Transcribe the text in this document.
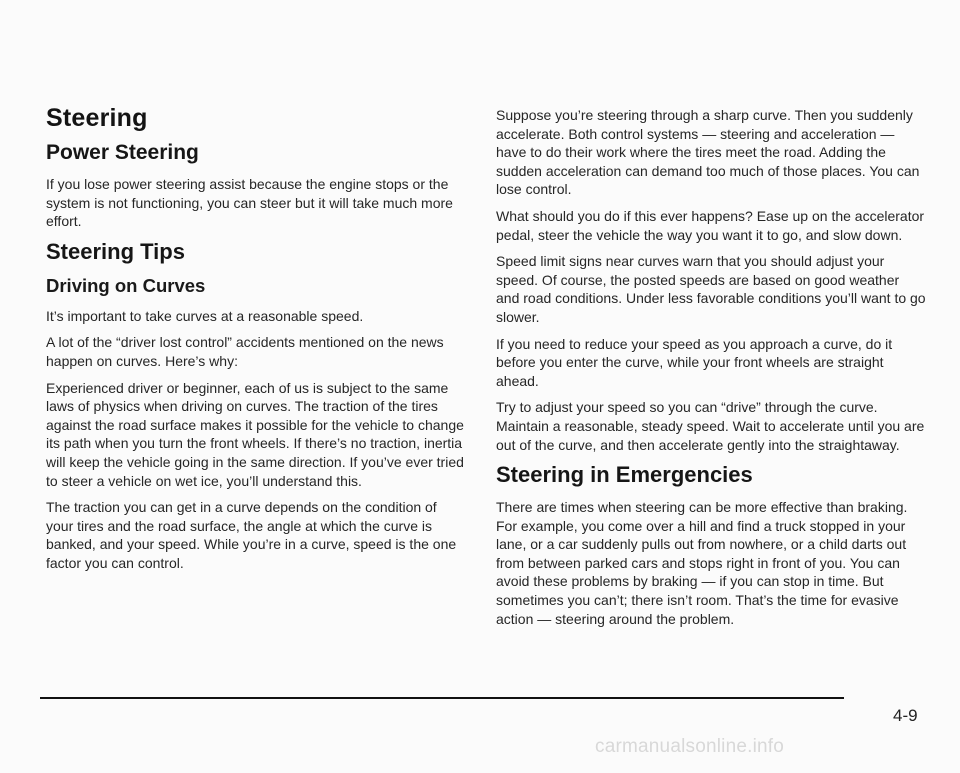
Steering
Power Steering

If you lose power steering assist because the engine stops or the system is not functioning, you can steer but it will take much more effort.

Steering Tips
Driving on Curves

It’s important to take curves at a reasonable speed.

A lot of the “driver lost control” accidents mentioned on the news happen on curves. Here’s why:

Experienced driver or beginner, each of us is subject to the same laws of physics when driving on curves. The traction of the tires against the road surface makes it possible for the vehicle to change its path when you turn the front wheels. If there’s no traction, inertia will keep the vehicle going in the same direction. If you’ve ever tried to steer a vehicle on wet ice, you’ll understand this.

The traction you can get in a curve depends on the condition of your tires and the road surface, the angle at which the curve is banked, and your speed. While you’re in a curve, speed is the one factor you can control.

Suppose you’re steering through a sharp curve. Then you suddenly accelerate. Both control systems — steering and acceleration — have to do their work where the tires meet the road. Adding the sudden acceleration can demand too much of those places. You can lose control.

What should you do if this ever happens? Ease up on the accelerator pedal, steer the vehicle the way you want it to go, and slow down.

Speed limit signs near curves warn that you should adjust your speed. Of course, the posted speeds are based on good weather and road conditions. Under less favorable conditions you’ll want to go slower.

If you need to reduce your speed as you approach a curve, do it before you enter the curve, while your front wheels are straight ahead.

Try to adjust your speed so you can “drive” through the curve. Maintain a reasonable, steady speed. Wait to accelerate until you are out of the curve, and then accelerate gently into the straightaway.

Steering in Emergencies

There are times when steering can be more effective than braking. For example, you come over a hill and find a truck stopped in your lane, or a car suddenly pulls out from nowhere, or a child darts out from between parked cars and stops right in front of you. You can avoid these problems by braking — if you can stop in time. But sometimes you can’t; there isn’t room. That’s the time for evasive action — steering around the problem.

4-9
carmanualsonline.info
